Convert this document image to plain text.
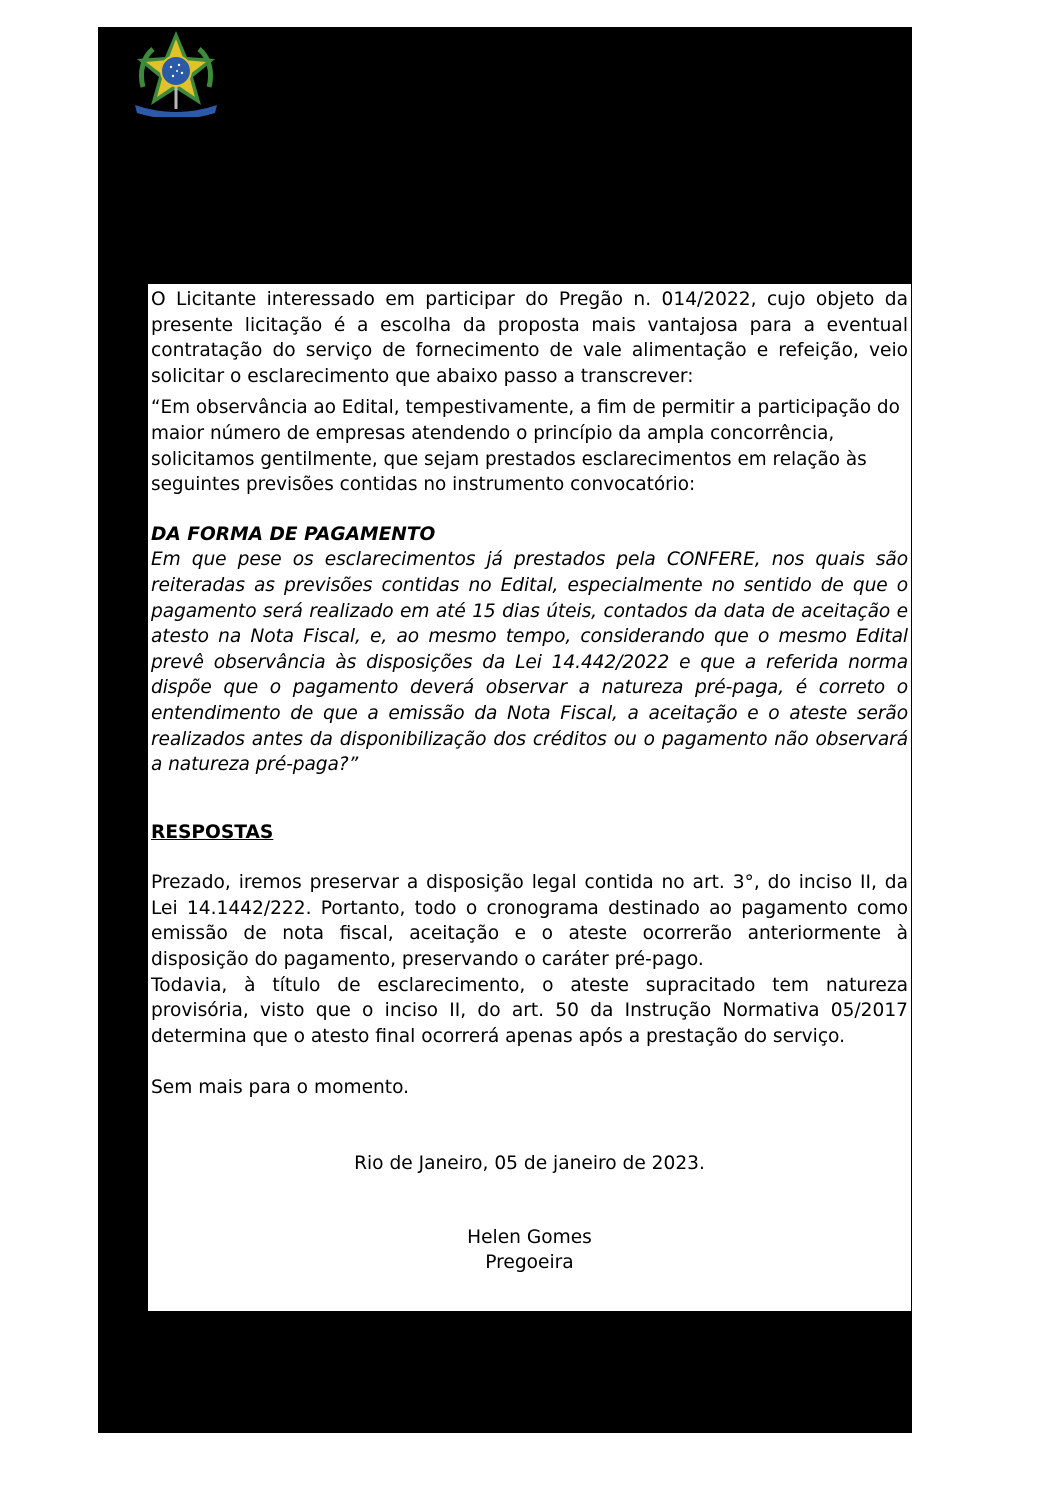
O Licitante interessado em participar do Pregão n. 014/2022, cujo objeto da presente licitação é a escolha da proposta mais vantajosa para a eventual contratação do serviço de fornecimento de vale alimentação e refeição, veio solicitar o esclarecimento que abaixo passo a transcrever:

“Em observância ao Edital, tempestivamente, a fim de permitir a participação do maior número de empresas atendendo o princípio da ampla concorrência, solicitamos gentilmente, que sejam prestados esclarecimentos em relação às seguintes previsões contidas no instrumento convocatório:

DA FORMA DE PAGAMENTO

Em que pese os esclarecimentos já prestados pela CONFERE, nos quais são reiteradas as previsões contidas no Edital, especialmente no sentido de que o pagamento será realizado em até 15 dias úteis, contados da data de aceitação e atesto na Nota Fiscal, e, ao mesmo tempo, considerando que o mesmo Edital prevê observância às disposições da Lei 14.442/2022 e que a referida norma dispõe que o pagamento deverá observar a natureza pré-paga, é correto o entendimento de que a emissão da Nota Fiscal, a aceitação e o ateste serão realizados antes da disponibilização dos créditos ou o pagamento não observará a natureza pré-paga?”

RESPOSTAS

Prezado, iremos preservar a disposição legal contida no art. 3°, do inciso II, da Lei 14.1442/222. Portanto, todo o cronograma destinado ao pagamento como emissão de nota fiscal, aceitação e o ateste ocorrerão anteriormente à disposição do pagamento, preservando o caráter pré-pago.

Todavia, à título de esclarecimento, o ateste supracitado tem natureza provisória, visto que o inciso II, do art. 50 da Instrução Normativa 05/2017 determina que o atesto final ocorrerá apenas após a prestação do serviço.

Sem mais para o momento.

Rio de Janeiro, 05 de janeiro de 2023.

Helen Gomes

Pregoeira
